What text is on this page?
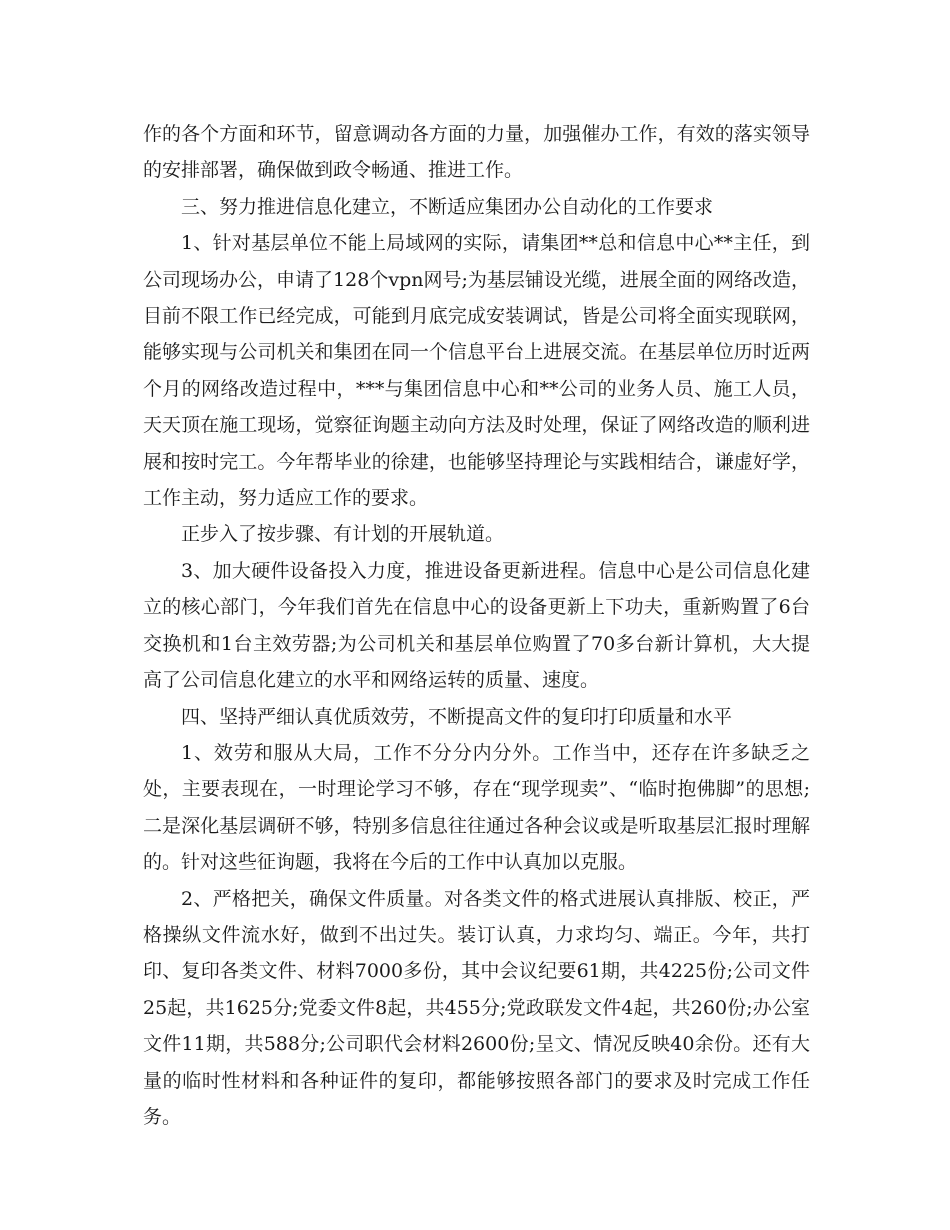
作的各个方面和环节，留意调动各方面的力量，加强催办工作，有效的落实领导的安排部署，确保做到政令畅通、推进工作。

三、努力推进信息化建立，不断适应集团办公自动化的工作要求

1、针对基层单位不能上局域网的实际，请集团**总和信息中心**主任，到公司现场办公，申请了128个vpn网号;为基层铺设光缆，进展全面的网络改造，目前不限工作已经完成，可能到月底完成安装调试，皆是公司将全面实现联网，能够实现与公司机关和集团在同一个信息平台上进展交流。在基层单位历时近两个月的网络改造过程中，***与集团信息中心和**公司的业务人员、施工人员，天天顶在施工现场，觉察征询题主动向方法及时处理，保证了网络改造的顺利进展和按时完工。今年帮毕业的徐建，也能够坚持理论与实践相结合，谦虚好学，工作主动，努力适应工作的要求。

正步入了按步骤、有计划的开展轨道。

3、加大硬件设备投入力度，推进设备更新进程。信息中心是公司信息化建立的核心部门，今年我们首先在信息中心的设备更新上下功夫，重新购置了6台交换机和1台主效劳器;为公司机关和基层单位购置了70多台新计算机，大大提高了公司信息化建立的水平和网络运转的质量、速度。

四、坚持严细认真优质效劳，不断提高文件的复印打印质量和水平

1、效劳和服从大局，工作不分分内分外。工作当中，还存在许多缺乏之处，主要表现在，一时理论学习不够，存在“现学现卖”、“临时抱佛脚”的思想;二是深化基层调研不够，特别多信息往往通过各种会议或是听取基层汇报时理解的。针对这些征询题，我将在今后的工作中认真加以克服。

2、严格把关，确保文件质量。对各类文件的格式进展认真排版、校正，严格操纵文件流水好，做到不出过失。装订认真，力求均匀、端正。今年，共打印、复印各类文件、材料7000多份，其中会议纪要61期，共4225份;公司文件25起，共1625分;党委文件8起，共455分;党政联发文件4起，共260份;办公室文件11期，共588分;公司职代会材料2600份;呈文、情况反映40余份。还有大量的临时性材料和各种证件的复印，都能够按照各部门的要求及时完成工作任务。
